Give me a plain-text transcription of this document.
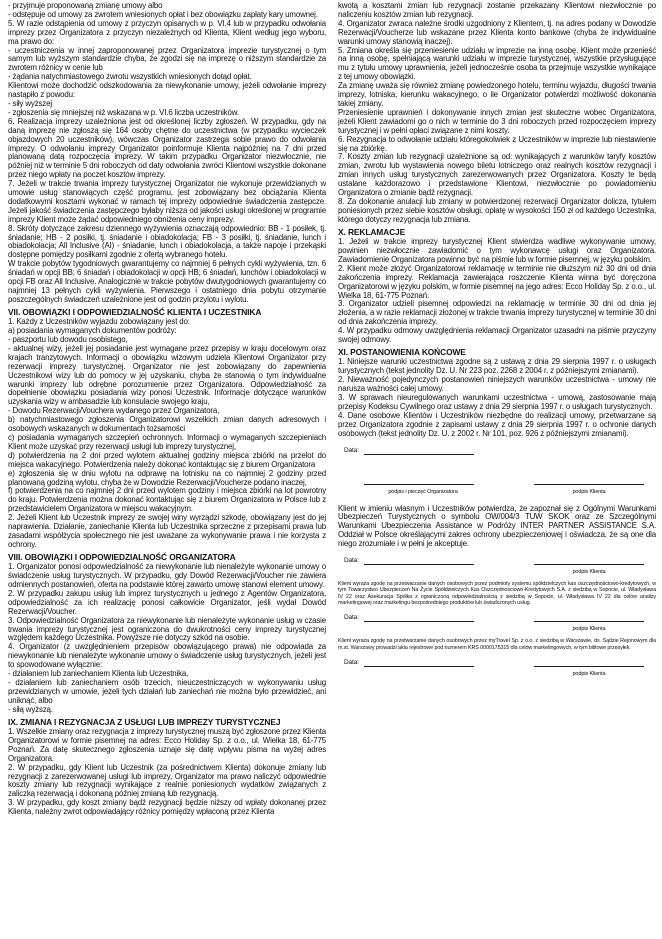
- przyjmuje proponowaną zmianę umowy albo

- odstępuje od umowy za zwrotem wniesionych opłat i bez obowiązku zapłaty kary umownej.

5. W razie odstąpienia od umowy z przyczyn opisanych w p. VI.4 lub w przypadku odwołania imprezy przez Organizatora z przyczyn niezależnych od Klienta, Klient według jego wyboru, ma prawo do:

- uczestniczenia w innej zaproponowanej przez Organizatora imprezie turystycznej o tym samym lub wyższym standardzie chyba, że zgodzi się na imprezę o niższym standardzie za zwrotem różnicy w cenie lub

- żądania natychmiastowego zwrotu wszystkich wniesionych dotąd opłat.

Klientowi może dochodzić odszkodowania za niewykonanie umowy, jeżeli odwołanie imprezy nastąpiło z powodu:

- siły wyższej

- zgłoszenia się mniejszej niż wskazana w p. VI.6 liczba uczestników.

6. Realizacja imprezy uzależniona jest od określonej liczby zgłoszeń. W przypadku, gdy na daną imprezę nie zgłoszą się 164 osoby chętne do uczestnictwa (w przypadku wycieczek objazdowych 20 uczestników), wówczas Organizator zastrzega sobie prawo do odwołania imprezy. O odwołaniu imprezy Organizator poinformuje Klienta najpóźniej na 7 dni przed planowaną datą rozpoczęcia imprezy. W takim przypadku Organizator niezwłocznie, nie później niż w terminie 5 dni roboczych od daty odwołania zwróci Klientowi wszystkie dokonane przez niego wpłaty na poczet kosztów imprezy.

7. Jeżeli w trakcie trwania imprezy turystycznej Organizator nie wykonuje przewidzianych w umowie usług stanowiących część programu, jest zobowiązany bez obciążania Klienta dodatkowymi kosztami wykonać w ramach tej imprezy odpowiednie świadczenia zastępcze. Jeżeli jakość świadczenia zastępczego byłaby niższa od jakości usługi określonej w programie imprezy Klient może żądać odpowiedniego obniżenia ceny imprezy.

8. Skróty dotyczące zakresu dziennego wyżywienia oznaczają odpowiednio: BB - 1 posiłek, tj. śniadanie; HB - 2 posiłki, tj. śniadanie i obiadokolacja; FB - 3 posiłki, tj. śniadanie, lunch i obiadokolacja; All Inclusive (AI) - śniadanie, lunch i obiadokolacja, a także napoje i przekąski dostępne pomiędzy posiłkami zgodnie z ofertą wybranego hotelu.

W trakcie pobytów tygodniowych gwarantujemy co najmniej 6 pełnych cykli wyżywienia, tzn. 6 śniadań w opcji BB; 6 śniadań i obiadokolacji w opcji HB; 6 śniadań, lunchów i obiadokolacji w opcji FB oraz All Inclusive. Analogicznie w trakcie pobytów dwutygodniowych gwarantujemy co najmniej 13 pełnych cykli wyżywienia. Pierwszego i ostatniego dnia pobytu otrzymanie poszczególnych świadczeń uzależnione jest od godzin przylotu i wylotu.

VII. OBOWIĄZKI I ODPOWIEDZIALNOŚĆ KLIENTA I UCZESTNIKA

1. Każdy z Uczestników wyjazdu zobowiązany jest do:

a) posiadania wymaganych dokumentów podróży:

- paszportu lub dowodu osobistego,

- aktualnej wizy, jeżeli jej posiadanie jest wymagane przez przepisy w kraju docelowym oraz krajach tranzytowych. Informacji o obowiązku wizowym udziela Klientowi Organizator przy rezerwacji imprezy turystycznej. Organizator nie jest zobowiązany do zapewnienia Uczestnikowi wizy lub do pomocy w jej uzyskaniu, chyba że stanowią o tym indywidualne warunki imprezy lub odrębne porozumienie przez Organizatora. Odpowiedzialność za dopełnienie obowiązku posiadania wizy ponosi Uczestnik. Informacje dotyczące warunków uzyskania wizy w ambasadzie lub konsulacie swojego kraju,

- Dowodu Rezerwacji/Vouchera wydanego przez Organizatora,

b) natychmiastowego zgłoszenia Organizatorowi wszelkich zmian danych adresowych i osobowych wskazanych w dokumentach tożsamości

c) posiadania wymaganych szczepień ochronnych. Informacji o wymaganych szczepieniach Klient może uzyskać przy rezerwacji usługi lub imprezy turystycznej,

d) potwierdzenia na 2 dni przed wylotem aktualnej godziny miejsca zbiórki na przelot do miejsca wakacyjnego. Potwierdzenia należy dokonać kontaktując się z biurem Organizatora

e) zgłoszenia się w dniu wylotu na odprawę na lotnisku na co najmniej 2 godziny przed planowaną godziną wylotu, chyba że w Dowodzie Rezerwacji/Voucherze podano inaczej,

f) potwierdzenia na co najmniej 2 dni przed wylotem godziny i miejsca zbiórki na lot powrotny do kraju. Potwierdzenia można dokonać kontaktując się z biurem Organizatora w Polsce lub z przedstawicielem Organizatora w miejscu wakacyjnym.

2. Jeżeli Klient lub Uczestnik imprezy ze swojej winy wyrządzi szkodę, obowiązany jest do jej naprawienia. Działanie, zaniechanie Klienta lub Uczestnika sprzeczne z przepisami prawa lub zasadami współżycia społecznego nie jest uważane za wykonywanie prawa i nie korzysta z ochrony.

VIII. OBOWIĄZKI I ODPOWIEDZIALNOŚĆ ORGANIZATORA

1. Organizator ponosi odpowiedzialność za niewykonanie lub nienależyte wykonanie umowy o świadczenie usług turystycznych. W przypadku, gdy Dowód Rezerwacji/Voucher nie zawiera odmiennych postanowień, oferta na podstawie której zawarto umowę stanowi element umowy.

2. W przypadku zakupu usług lub imprez turystycznych u jednego z Agentów Organizatora, odpowiedzialność za ich realizację ponosi całkowicie Organizator, jeśli wydał Dowód Rezerwacji/Voucher.

3. Odpowiedzialność Organizatora za niewykonanie lub nienależyte wykonanie usług w czasie trwania imprezy turystycznej jest ograniczona do dwukrotności ceny imprezy turystycznej względem każdego Uczestnika. Powyższe nie dotyczy szkód na osobie.

4. Organizator (z uwzględnieniem przepisów obowiązującego prawa) nie odpowiada za niewykonanie lub nienależyte wykonanie umowy o świadczenie usług turystycznych, jeżeli jest to spowodowane wyłącznie:

- działaniem lub zaniechaniem Klienta lub Uczestnika,

- działaniem lub zaniechaniem osób trzecich, nieuczestniczących w wykonywaniu usług przewidzianych w umowie, jeżeli tych działań lub zaniechań nie można było przewidzieć, ani uniknąć, albo

- siłą wyższą.

IX. ZMIANA I REZYGNACJA Z USŁUGI LUB IMPREZY TURYSTYCZNEJ

1. Wszelkie zmiany oraz rezygnacja z imprezy turystycznej muszą być zgłoszone przez Klienta Organizatorowi w formie pisemnej na adres: Ecco Holiday Sp. z o.o., ul. Wielka 18, 61-775 Poznań. Za datę skutecznego zgłoszenia uznaje się datę wpływu pisma na wyżej adres Organizatora.

2. W przypadku, gdy Klient lub Uczestnik (za pośrednictwem Klienta) dokonuje zmiany lub rezygnacji z zarezerwowanej usługi lub imprezy, Organizator ma prawo naliczyć odpowiednie koszty zmiany lub rezygnacji wynikające z realnie poniesionych wydatków związanych z zaliczką rezerwacją i dokonaną później zmianą lub rezygnacją.

3. W przypadku, gdy koszt zmiany bądź rezygnacji będzie niższy od wpłaty dokonanej przez Klienta, należny zwrot odpowiadający różnicy pomiędzy wpłaconą przez Klienta

kwotą a kosztami zmian lub rezygnacji zostanie przekazany Klientowi niezwłocznie po naliczeniu kosztów zmian lub rezygnacji.

4. Organizator zwraca należne środki uzgodniony z Klientem, tj. na adres podany w Dowodzie Rezerwacji/Voucherze lub wskazane przez Klienta konto bankowe (chyba że indywidualne warunki umowy stanowią inaczej).

5. Zmiana określa się przeniesienie udziału w imprezie na inną osobę. Klient może przenieść na inną osobę, spełniającą warunki udziału w imprezie turystycznej, wszystkie przysługujące mu z tytułu umowy uprawnienia, jeżeli jednocześnie osoba ta przejmuje wszystkie wynikające z tej umowy obowiązki.

Za zmianę uważa się również zmianę powiedzonego hotelu, terminu wyjazdu, długości trwania imprezy, lotniska, kierunku wakacyjnego, o ile Organizator potwierdzi możliwość dokonania takiej zmiany.

Przeniesienie uprawnień i dokonywanie innych zmian jest skuteczne wobec Organizatora, jeżeli Klient zawiadomi go o nich w terminie do 3 dni roboczych przed rozpoczęciem imprezy turystycznej i w pełni opłaci związane z nimi koszty.

6. Rezygnacja to odwołanie udziału któregokolwiek z Uczestników w imprezie lub niestawienie się na zbiórkę.

7. Koszty zmian lub rezygnacji uzależnione są od: wynikających z warunków taryfy kosztów zmian, zwrotu lub wystawienia nowego biletu lotniczego oraz realnych kosztów rezygnacji i zmian innych usług turystycznych zarezerwowanych przez Organizatora. Koszty te będą ustalane każdorazowo i przedstawione Klientowi, niezwłocznie po powiadomieniu Organizatora o zmianie bądź rezygnacji.

8. Za dokonanie anulacji lub zmiany w potwierdzonej rezerwacji Organizator dolicza, tytułem poniesionych przez siebie kosztów obsługi, opłatę w wysokości 150 zł od każdego Uczestnika, którego dotyczy rezygnacja lub zmiana.

X. REKLAMACJE

1. Jeżeli w trakcie imprezy turystycznej Klient stwierdza wadliwe wykonywanie umowy, powinien niezwłocznie zawiadomić o tym wykonawcę usługi oraz Organizatora. Zawiadomienie Organizatora powinno być na piśmie lub w formie pisemnej, w języku polskim.

2. Klient może złożyć Organizatorowi reklamację w terminie nie dłuższym niż 30 dni od dnia zakończenia imprezy. Reklamacja zawierająca roszczenie Klienta winna być doręczona Organizatorowi w języku polskim, w formie pisemnej na jego adres: Ecco Holiday Sp. z o.o., ul. Wielka 18, 61-775 Poznań.

3. Organizator udzieli pisemnej odpowiedzi na reklamację w terminie 30 dni od dnia jej złożenia, a w razie reklamacji złożonej w trakcie trwania imprezy turystycznej w terminie 30 dni od dnia zakończenia imprezy.

4. W przypadku odmowy uwzględnienia reklamacji Organizator uzasadni na piśmie przyczyny swojej odmowy.

XI. POSTANOWIENIA KOŃCOWE

1. Niniejsze warunki uczestnictwa zgodne są z ustawą z dnia 29 sierpnia 1997 r. o usługach turystycznych (tekst jednolity Dz. U. Nr 223 poz. 2268 z 2004 r. z późniejszymi zmianami).

2. Nieważność pojedynczych postanowień niniejszych warunków uczestnictwa - umowy nie narusza ważności całej umowy.

3. W sprawach nieuregulowanych warunkami uczestnictwa - umową, zastosowanie mają przepisy Kodeksu Cywilnego oraz ustawy z dnia 29 sierpnia 1997 r. o usługach turystycznych.

4. Dane osobowe Klientów i Uczestników niezbędne do realizacji umowy, przetwarzane są przez Organizatora zgodnie z zapisami ustawy z dnia 29 sierpnia 1997 r. o ochronie danych osobowych (tekst jednolity Dz. U. z 2002 r. Nr 101, poz. 926 z późniejszymi zmianami).

Data:
podpis i pieczęć Organizatora	podpis Klienta

Klient w imieniu własnym i Uczestników potwierdza, że zapoznał się z Ogólnymi Warunkami Ubezpieczeń Turystycznych o symbolu OW/004/3 TUW SKOK oraz ze Szczególnymi Warunkami Ubezpieczenia Assistance w Podróży INTER PARTNER ASSISTANCE S.A. Oddział w Polsce określającymi zakres ochrony ubezpieczeniowej i oświadcza, że są one dla niego zrozumiałe i w pełni je akceptuje.

Data:
podpis Klienta

Klient wyraża zgodę na przetwarzanie danych osobowych przez podmioty systemu spółdzielczych kas oszczędnościowo-kredytowych, w tym Towarzystwo Ubezpieczeń Na Życie Spółdzielczych Kas Oszczędnościowo-Kredytowych S.A. z siedzibą w Sopocie, ul. Władysława IV 22 oraz Asekuracja Spółka z ograniczoną odpowiedzialnością z siedzibą w Sopocie, ul. Władysława IV 22 dla celów analizy marketingowej oraz marketingu bezpośredniego produktów lub świadczonych usług.

Data:
podpis Klienta

Klient wyraża zgodę na przetwarzanie danych osobowych przez myTravel Sp. z o.o. z siedzibą w Warszawie, ds. Sądzie Rejonowym dla m.st. Warszawy prowadzi akta rejestrowe pod numerem KRS 0000175315 dla celów marketingowych, w tym bilitowe przesyłek.

Data:
podpis Klienta
